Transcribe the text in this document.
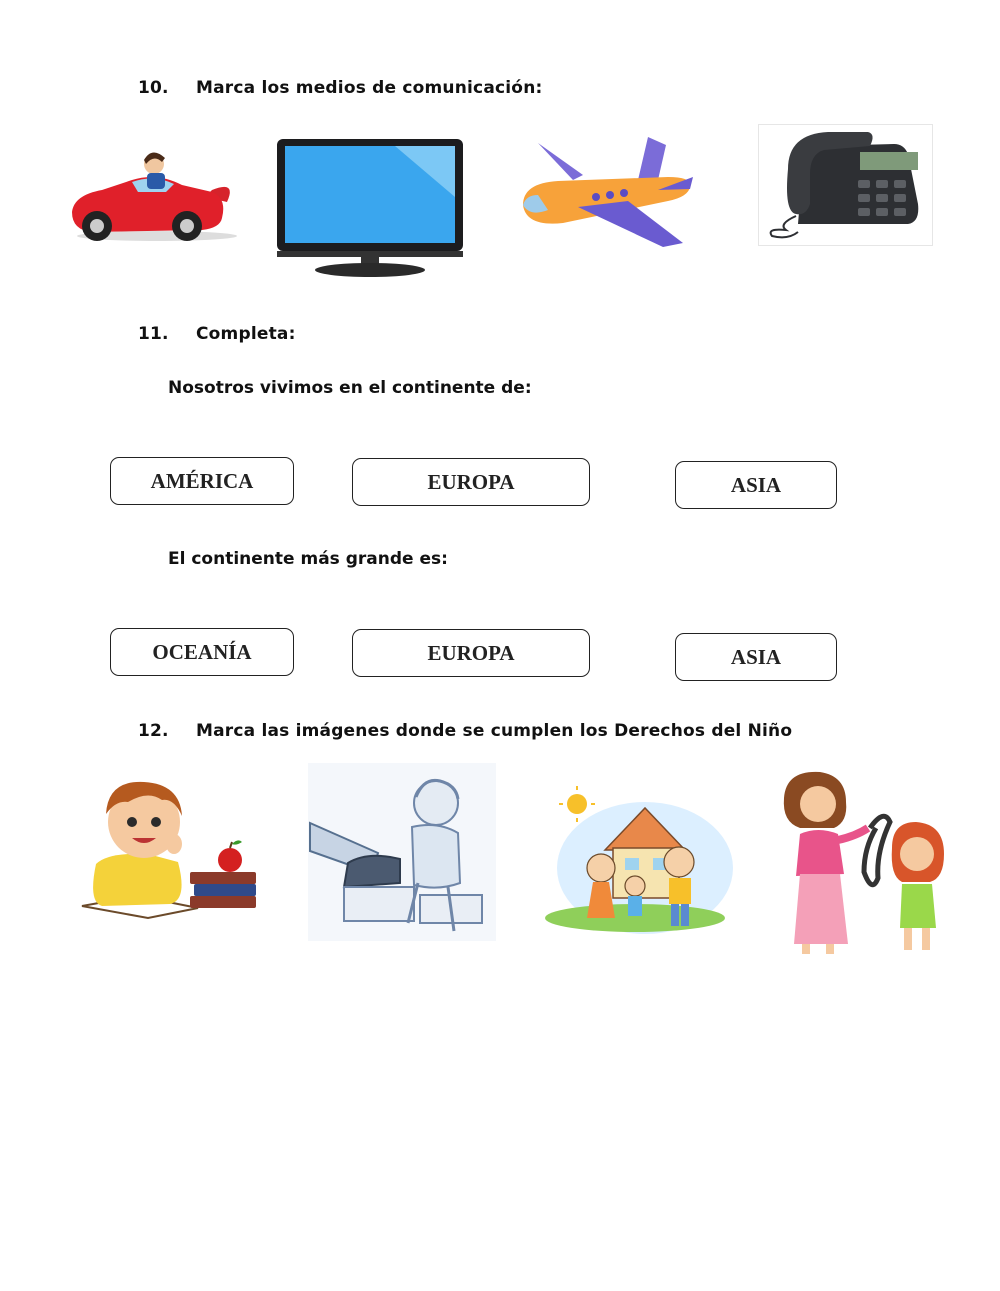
10. Marca los medios de comunicación:
11. Completa:
Nosotros vivimos en el continente de:
AMÉRICA	EUROPA	ASIA
El continente más grande es:
OCEANÍA	EUROPA	ASIA
12. Marca las imágenes donde se cumplen los Derechos del Niño
